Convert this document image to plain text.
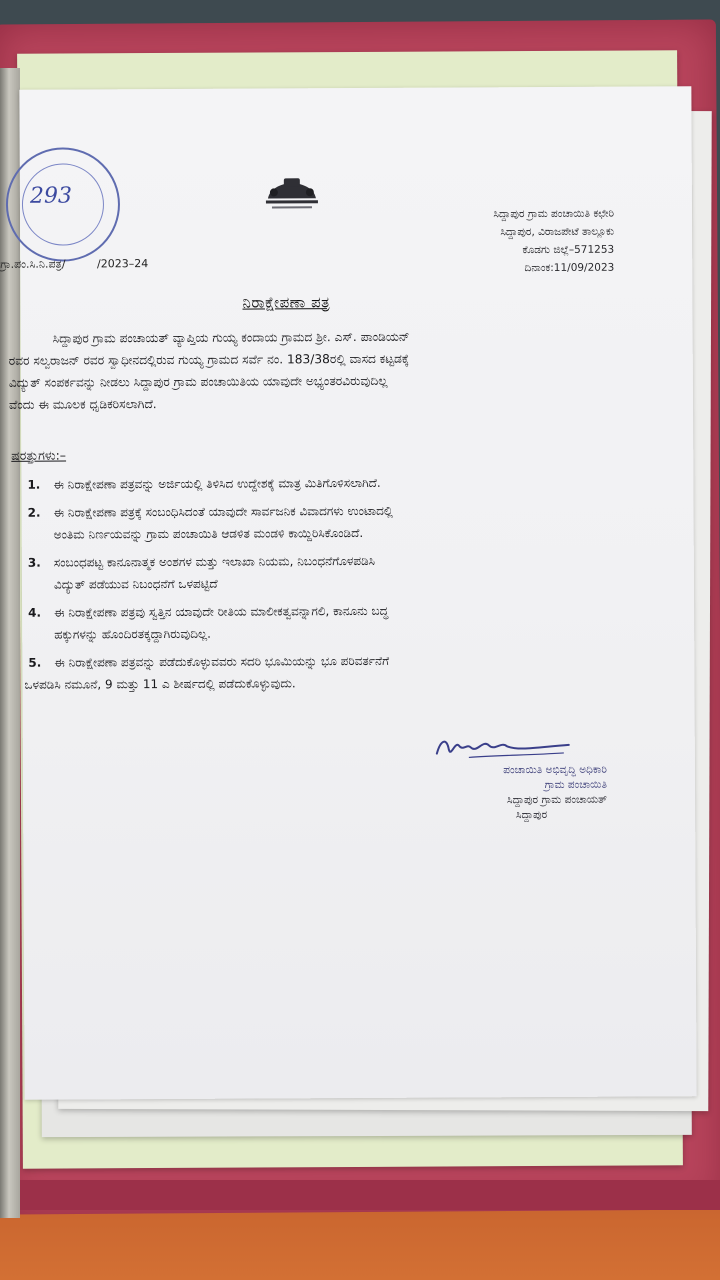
293
ಸಿದ್ದಾಪುರ ಗ್ರಾಮ ಪಂಚಾಯಿತಿ ಕಛೇರಿ
ಸಿದ್ದಾಪುರ, ವಿರಾಜಪೇಟೆ ತಾಲ್ಲೂಕು
ಕೊಡಗು ಜಿಲ್ಲೆ–571253
ದಿನಾಂಕ:11/09/2023
ಗ್ರಾ.ಪಂ.ಸಿ.ನಿ.ಪತ್ರ/	/2023–24
ನಿರಾಕ್ಷೇಪಣಾ ಪತ್ರ
ಸಿದ್ದಾಪುರ ಗ್ರಾಮ ಪಂಚಾಯತ್ ವ್ಯಾಪ್ತಿಯ ಗುಯ್ಯ ಕಂದಾಯ ಗ್ರಾಮದ ಶ್ರೀ. ಎಸ್. ಪಾಂಡಿಯನ್
ರವರ ಸಲ್ವರಾಜನ್ ರವರ ಸ್ವಾಧೀನದಲ್ಲಿರುವ ಗುಯ್ಯ ಗ್ರಾಮದ ಸರ್ವೆ ನಂ. 183/38ರಲ್ಲಿ ವಾಸದ ಕಟ್ಟಡಕ್ಕೆ
ವಿದ್ಯುತ್ ಸಂಪರ್ಕವನ್ನು ನೀಡಲು ಸಿದ್ದಾಪುರ ಗ್ರಾಮ ಪಂಚಾಯಿತಿಯ ಯಾವುದೇ ಅಭ್ಯಂತರವಿರುವುದಿಲ್ಲ
ವೆಂದು ಈ ಮೂಲಕ ಧೃಡಿಕರಿಸಲಾಗಿದೆ.
ಷರತ್ತುಗಳು:–
1. ಈ ನಿರಾಕ್ಷೇಪಣಾ ಪತ್ರವನ್ನು ಅರ್ಜಿಯಲ್ಲಿ ತಿಳಿಸಿದ ಉದ್ದೇಶಕ್ಕೆ ಮಾತ್ರ ಮಿತಿಗೊಳಿಸಲಾಗಿದೆ.
2. ಈ ನಿರಾಕ್ಷೇಪಣಾ ಪತ್ರಕ್ಕೆ ಸಂಬಂಧಿಸಿದಂತೆ ಯಾವುದೇ ಸಾರ್ವಜನಿಕ ವಿವಾದಗಳು ಉಂಟಾದಲ್ಲಿ
ಅಂತಿಮ ನಿರ್ಣಯವನ್ನು ಗ್ರಾಮ ಪಂಚಾಯಿತಿ ಆಡಳಿತ ಮಂಡಳಿ ಕಾಯ್ದಿರಿಸಿಕೊಂಡಿದೆ.
3. ಸಂಬಂಧಪಟ್ಟ ಕಾನೂನಾತ್ಮಕ ಅಂಶಗಳ ಮತ್ತು ಇಲಾಖಾ ನಿಯಮ, ನಿಬಂಧನೆಗೊಳಪಡಿಸಿ
ವಿದ್ಯುತ್ ಪಡೆಯುವ ನಿಬಂಧನೆಗೆ ಒಳಪಟ್ಟಿದೆ
4. ಈ ನಿರಾಕ್ಷೇಪಣಾ ಪತ್ರವು ಸ್ವತ್ತಿನ ಯಾವುದೇ ರೀತಿಯ ಮಾಲೀಕತ್ವವನ್ನಾಗಲಿ, ಕಾನೂನು ಬದ್ಧ
ಹಕ್ಕುಗಳನ್ನು ಹೊಂದಿರತಕ್ಕದ್ದಾಗಿರುವುದಿಲ್ಲ.
5. ಈ ನಿರಾಕ್ಷೇಪಣಾ ಪತ್ರವನ್ನು ಪಡೆದುಕೊಳ್ಳುವವರು ಸದರಿ ಭೂಮಿಯನ್ನು ಭೂ ಪರಿವರ್ತನೆಗೆ
ಒಳಪಡಿಸಿ ನಮೂನೆ, 9 ಮತ್ತು 11 ಎ ಶೀರ್ಷದಲ್ಲಿ ಪಡೆದುಕೊಳ್ಳುವುದು.
ಪಂಚಾಯಿತಿ ಅಭಿವೃದ್ಧಿ ಅಧಿಕಾರಿ
ಗ್ರಾಮ ಪಂಚಾಯಿತಿ
ಸಿದ್ದಾಪುರ ಗ್ರಾಮ ಪಂಚಾಯತ್
ಸಿದ್ದಾಪುರ
